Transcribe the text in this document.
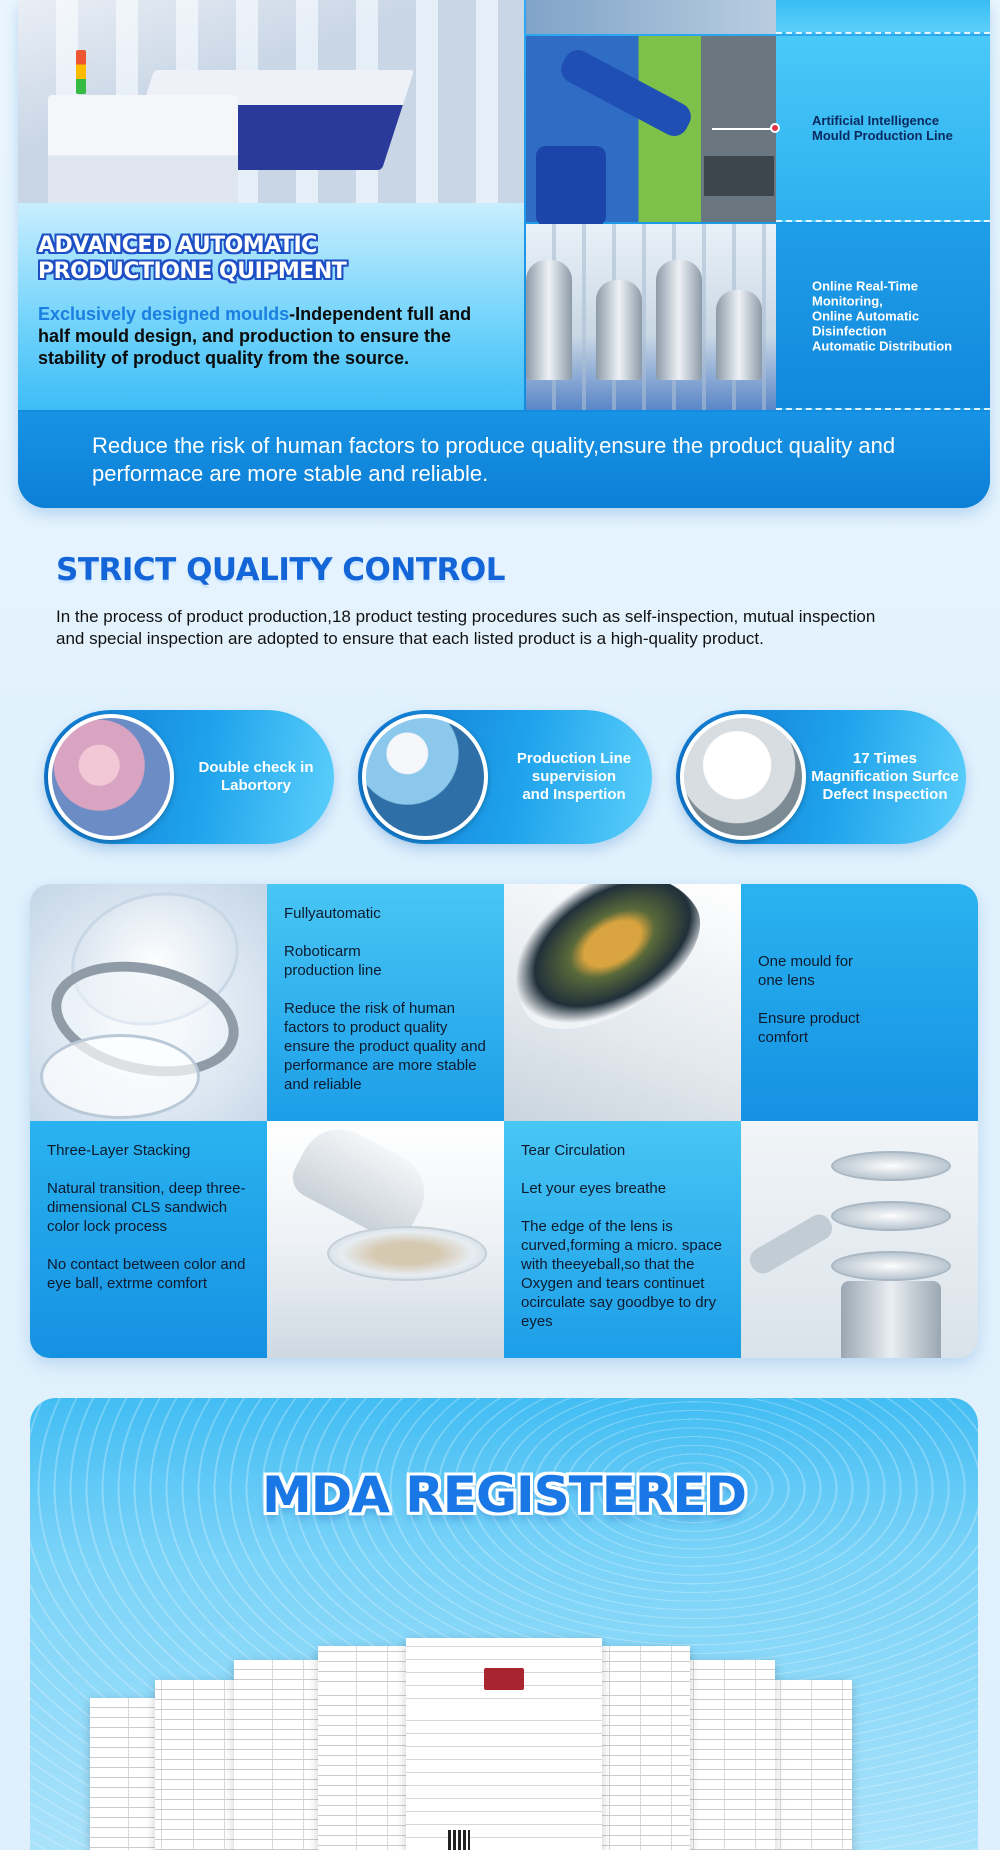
Artificial Intelligence
Mould Production Line
Online Real-Time Monitoring,
Online Automatic Disinfection
Automatic Distribution
ADVANCED AUTOMATIC
PRODUCTIONE QUIPMENT
Exclusively designed moulds-Independent full and half mould design, and production to ensure the stability of product quality from the source.

Reduce the risk of human factors to produce quality,ensure the product quality and performace are more stable and reliable.

STRICT QUALITY CONTROL

In the process of product production,18 product testing procedures such as self-inspection, mutual inspection and special inspection are adopted to ensure that each listed product is a high-quality product.

Double check in
Labortory
Production Line
supervision
and Inspertion
17 Times
Magnification Surfce
Defect Inspection

Fullyautomatic

Roboticarm
production line

Reduce the risk of human factors to product quality ensure the product quality and performance are more stable and reliable

One mould for
one lens

Ensure product
comfort

Three-Layer Stacking

Natural transition, deep three-dimensional CLS sandwich color lock process

No contact between color and eye ball, extrme comfort

Tear Circulation

Let your eyes breathe

The edge of the lens is curved,forming a micro. space with theeyeball,so that the Oxygen and tears continuet ocirculate say goodbye to dry eyes

MDA REGISTERED
